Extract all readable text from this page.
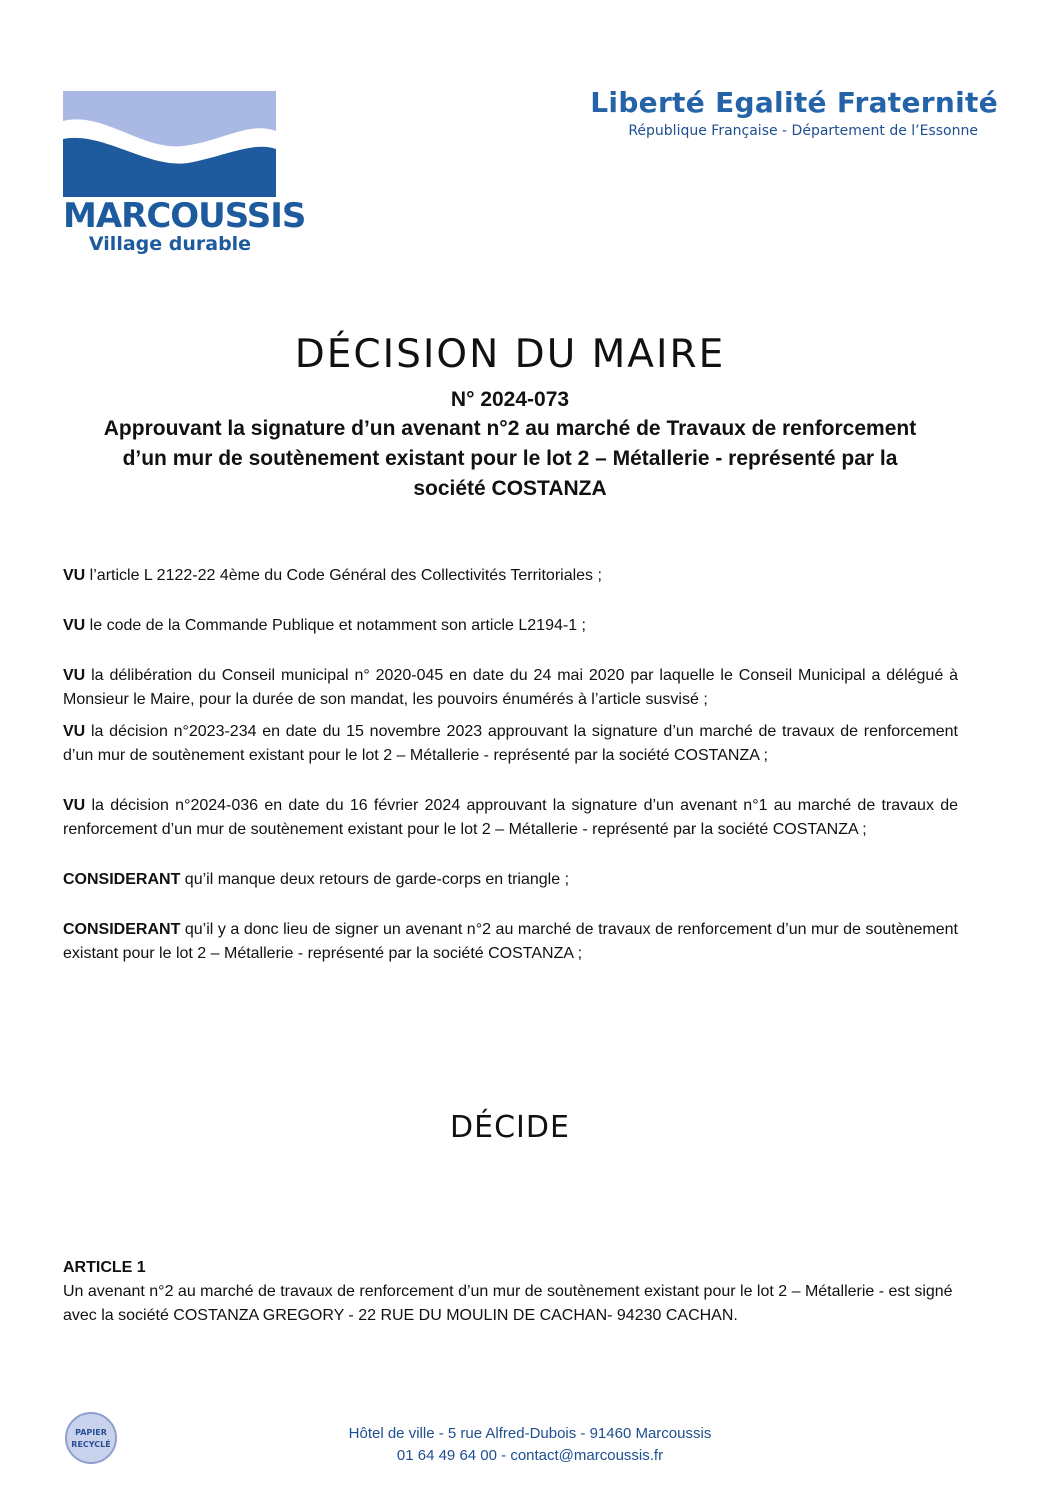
MARCOUSSIS
Village durable
Liberté Egalité Fraternité
République Française - Département de l’Essonne
DÉCISION DU MAIRE
N° 2024-073
Approuvant la signature d’un avenant n°2 au marché de Travaux de renforcement
d’un mur de soutènement existant pour le lot 2 – Métallerie - représenté par la
société COSTANZA

VU l’article L 2122-22 4ème du Code Général des Collectivités Territoriales ;

VU le code de la Commande Publique et notamment son article L2194-1 ;

VU la délibération du Conseil municipal n° 2020-045 en date du 24 mai 2020 par laquelle le Conseil Municipal a délégué à Monsieur le Maire, pour la durée de son mandat, les pouvoirs énumérés à l’article susvisé ;

VU la décision n°2023-234 en date du 15 novembre 2023 approuvant la signature d’un marché de travaux de renforcement d’un mur de soutènement existant pour le lot 2 – Métallerie - représenté par la société COSTANZA ;

VU la décision n°2024-036 en date du 16 février 2024 approuvant la signature d’un avenant n°1 au marché de travaux de renforcement d’un mur de soutènement existant pour le lot 2 – Métallerie - représenté par la société COSTANZA ;

CONSIDERANT qu’il manque deux retours de garde-corps en triangle ;

CONSIDERANT qu’il y a donc lieu de signer un avenant n°2 au marché de travaux de renforcement d’un mur de soutènement existant pour le lot 2 – Métallerie - représenté par la société COSTANZA ;

DÉCIDE
ARTICLE 1
Un avenant n°2 au marché de travaux de renforcement d’un mur de soutènement existant pour le lot 2 – Métallerie - est signé avec la société COSTANZA GREGORY - 22 RUE DU MOULIN DE CACHAN- 94230 CACHAN.
PAPIER
RECYCLÉ
Hôtel de ville - 5 rue Alfred-Dubois - 91460 Marcoussis
01 64 49 64 00 - contact@marcoussis.fr
